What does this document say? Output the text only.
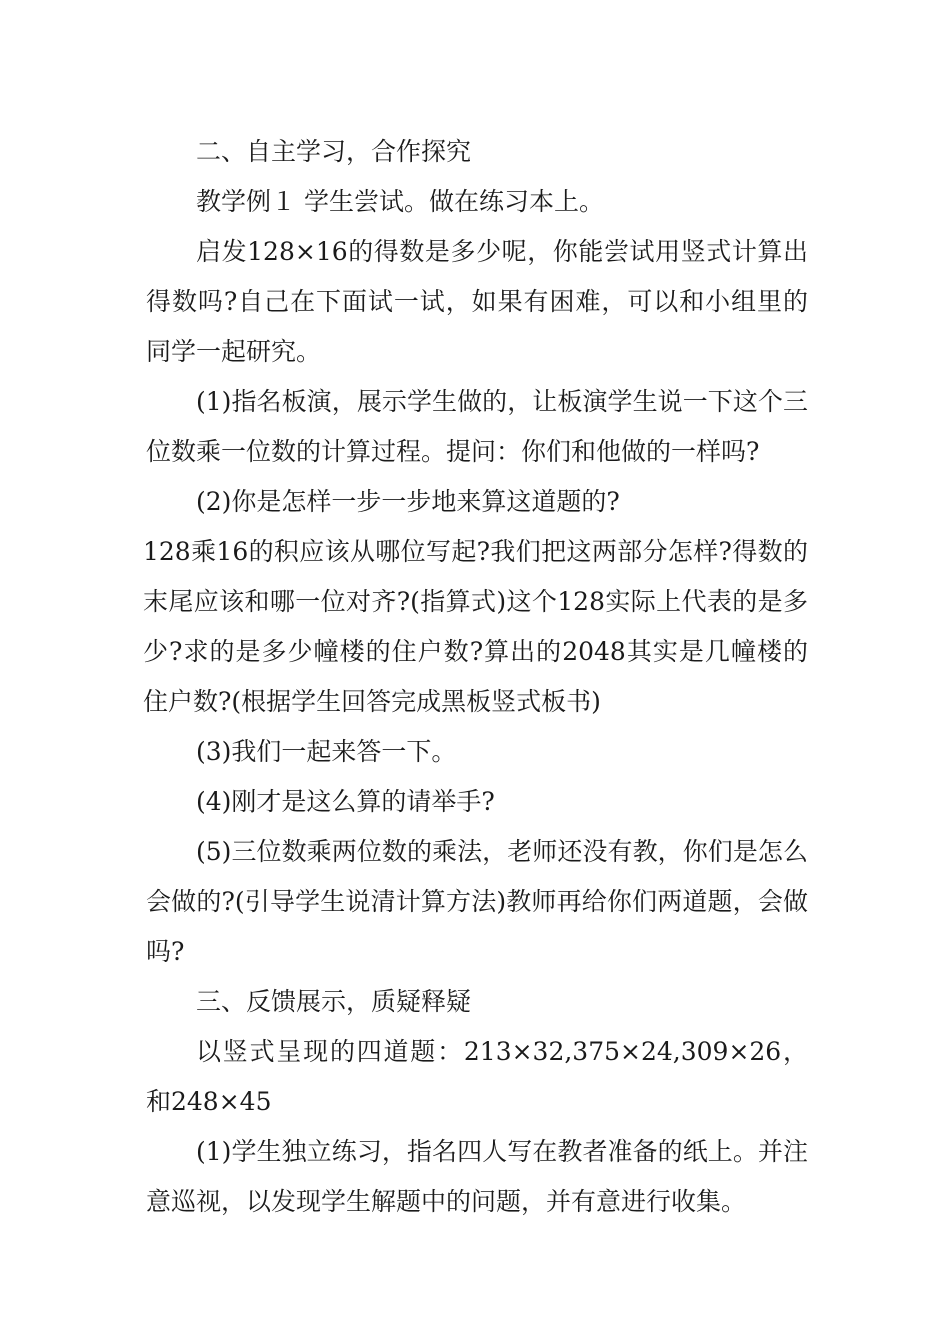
二、自主学习，合作探究

教学例１ 学生尝试。做在练习本上。

启发128×16的得数是多少呢，你能尝试用竖式计算出得数吗?自己在下面试一试，如果有困难，可以和小组里的同学一起研究。

(1)指名板演，展示学生做的，让板演学生说一下这个三位数乘一位数的计算过程。提问：你们和他做的一样吗?

(2)你是怎样一步一步地来算这道题的?

128乘16的积应该从哪位写起?我们把这两部分怎样?得数的末尾应该和哪一位对齐?(指算式)这个128实际上代表的是多少?求的是多少幢楼的住户数?算出的2048其实是几幢楼的住户数?(根据学生回答完成黑板竖式板书)

(3)我们一起来答一下。

(4)刚才是这么算的请举手?

(5)三位数乘两位数的乘法，老师还没有教，你们是怎么会做的?(引导学生说清计算方法)教师再给你们两道题，会做吗?

三、反馈展示，质疑释疑

以竖式呈现的四道题：213×32,375×24,309×26，和248×45

(1)学生独立练习，指名四人写在教者准备的纸上。并注意巡视，以发现学生解题中的问题，并有意进行收集。
